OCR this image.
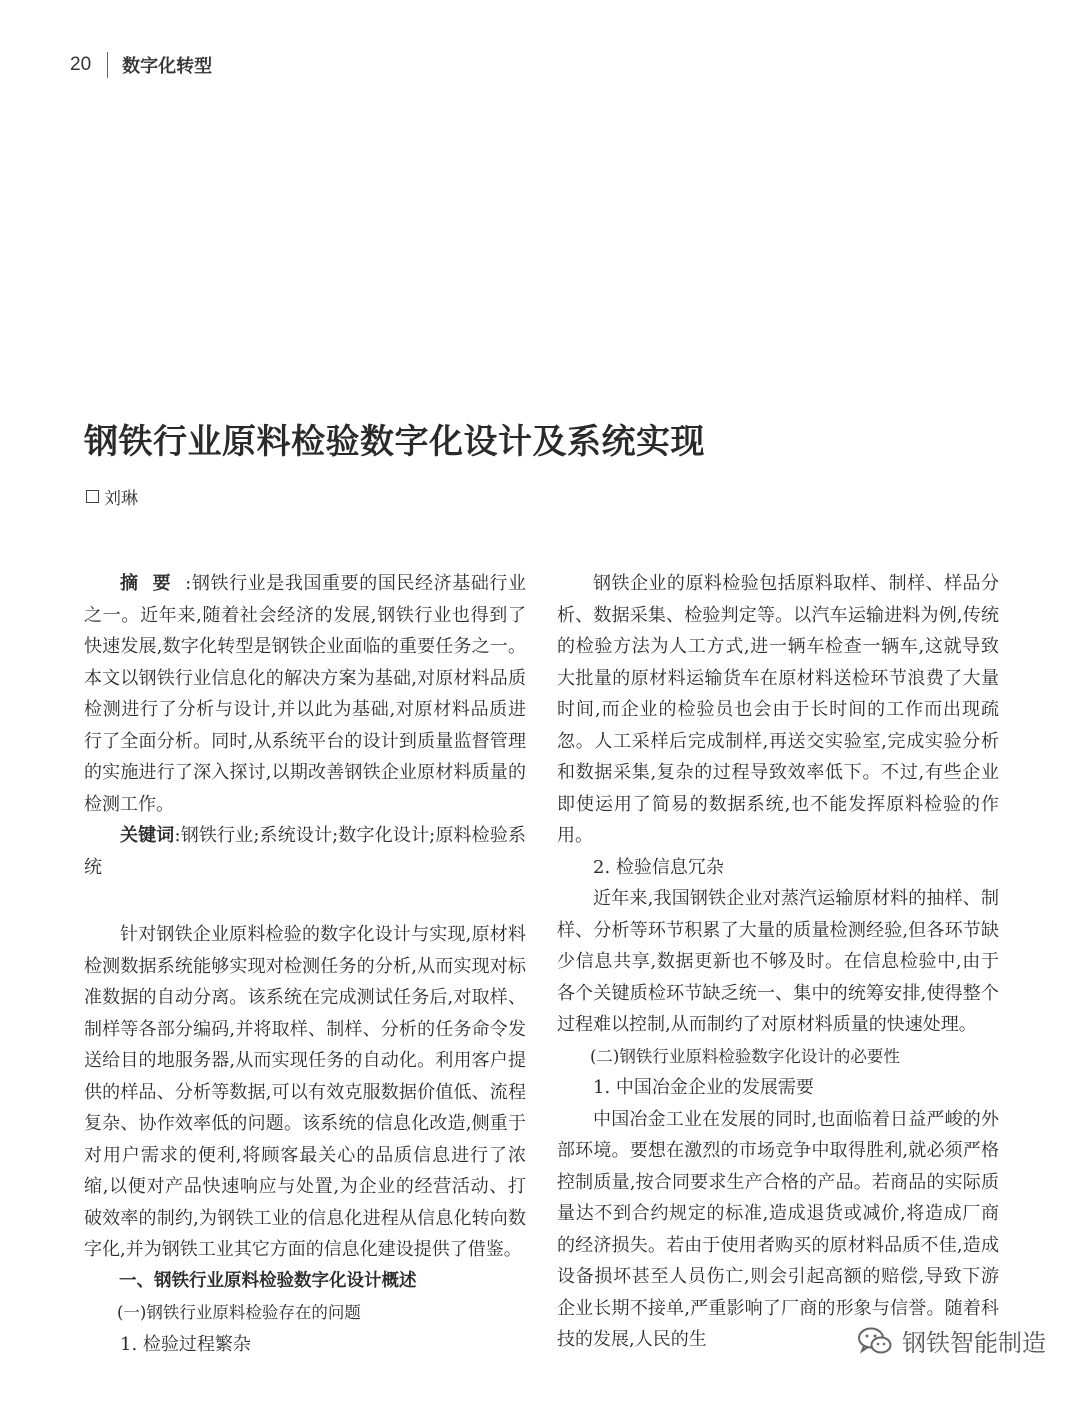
20 数字化转型
钢铁行业原料检验数字化设计及系统实现
刘琳

摘要:钢铁行业是我国重要的国民经济基础行业之一。近年来,随着社会经济的发展,钢铁行业也得到了快速发展,数字化转型是钢铁企业面临的重要任务之一。本文以钢铁行业信息化的解决方案为基础,对原材料品质检测进行了分析与设计,并以此为基础,对原材料品质进行了全面分析。同时,从系统平台的设计到质量监督管理的实施进行了深入探讨,以期改善钢铁企业原材料质量的检测工作。

关键词:钢铁行业;系统设计;数字化设计;原料检验系统

针对钢铁企业原料检验的数字化设计与实现,原材料检测数据系统能够实现对检测任务的分析,从而实现对标准数据的自动分离。该系统在完成测试任务后,对取样、制样等各部分编码,并将取样、制样、分析的任务命令发送给目的地服务器,从而实现任务的自动化。利用客户提供的样品、分析等数据,可以有效克服数据价值低、流程复杂、协作效率低的问题。该系统的信息化改造,侧重于对用户需求的便利,将顾客最关心的品质信息进行了浓缩,以便对产品快速响应与处置,为企业的经营活动、打破效率的制约,为钢铁工业的信息化进程从信息化转向数字化,并为钢铁工业其它方面的信息化建设提供了借鉴。

一、钢铁行业原料检验数字化设计概述

(一)钢铁行业原料检验存在的问题

1. 检验过程繁杂

钢铁企业的原料检验包括原料取样、制样、样品分析、数据采集、检验判定等。以汽车运输进料为例,传统的检验方法为人工方式,进一辆车检查一辆车,这就导致大批量的原材料运输货车在原材料送检环节浪费了大量时间,而企业的检验员也会由于长时间的工作而出现疏忽。人工采样后完成制样,再送交实验室,完成实验分析和数据采集,复杂的过程导致效率低下。不过,有些企业即使运用了简易的数据系统,也不能发挥原料检验的作用。

2. 检验信息冗杂

近年来,我国钢铁企业对蒸汽运输原材料的抽样、制样、分析等环节积累了大量的质量检测经验,但各环节缺少信息共享,数据更新也不够及时。在信息检验中,由于各个关键质检环节缺乏统一、集中的统筹安排,使得整个过程难以控制,从而制约了对原材料质量的快速处理。

(二)钢铁行业原料检验数字化设计的必要性

1. 中国冶金企业的发展需要

中国冶金工业在发展的同时,也面临着日益严峻的外部环境。要想在激烈的市场竞争中取得胜利,就必须严格控制质量,按合同要求生产合格的产品。若商品的实际质量达不到合约规定的标准,造成退货或减价,将造成厂商的经济损失。若由于使用者购买的原材料品质不佳,造成设备损坏甚至人员伤亡,则会引起高额的赔偿,导致下游企业长期不接单,严重影响了厂商的形象与信誉。随着科技的发展,人民的生	钢铁智能制造
